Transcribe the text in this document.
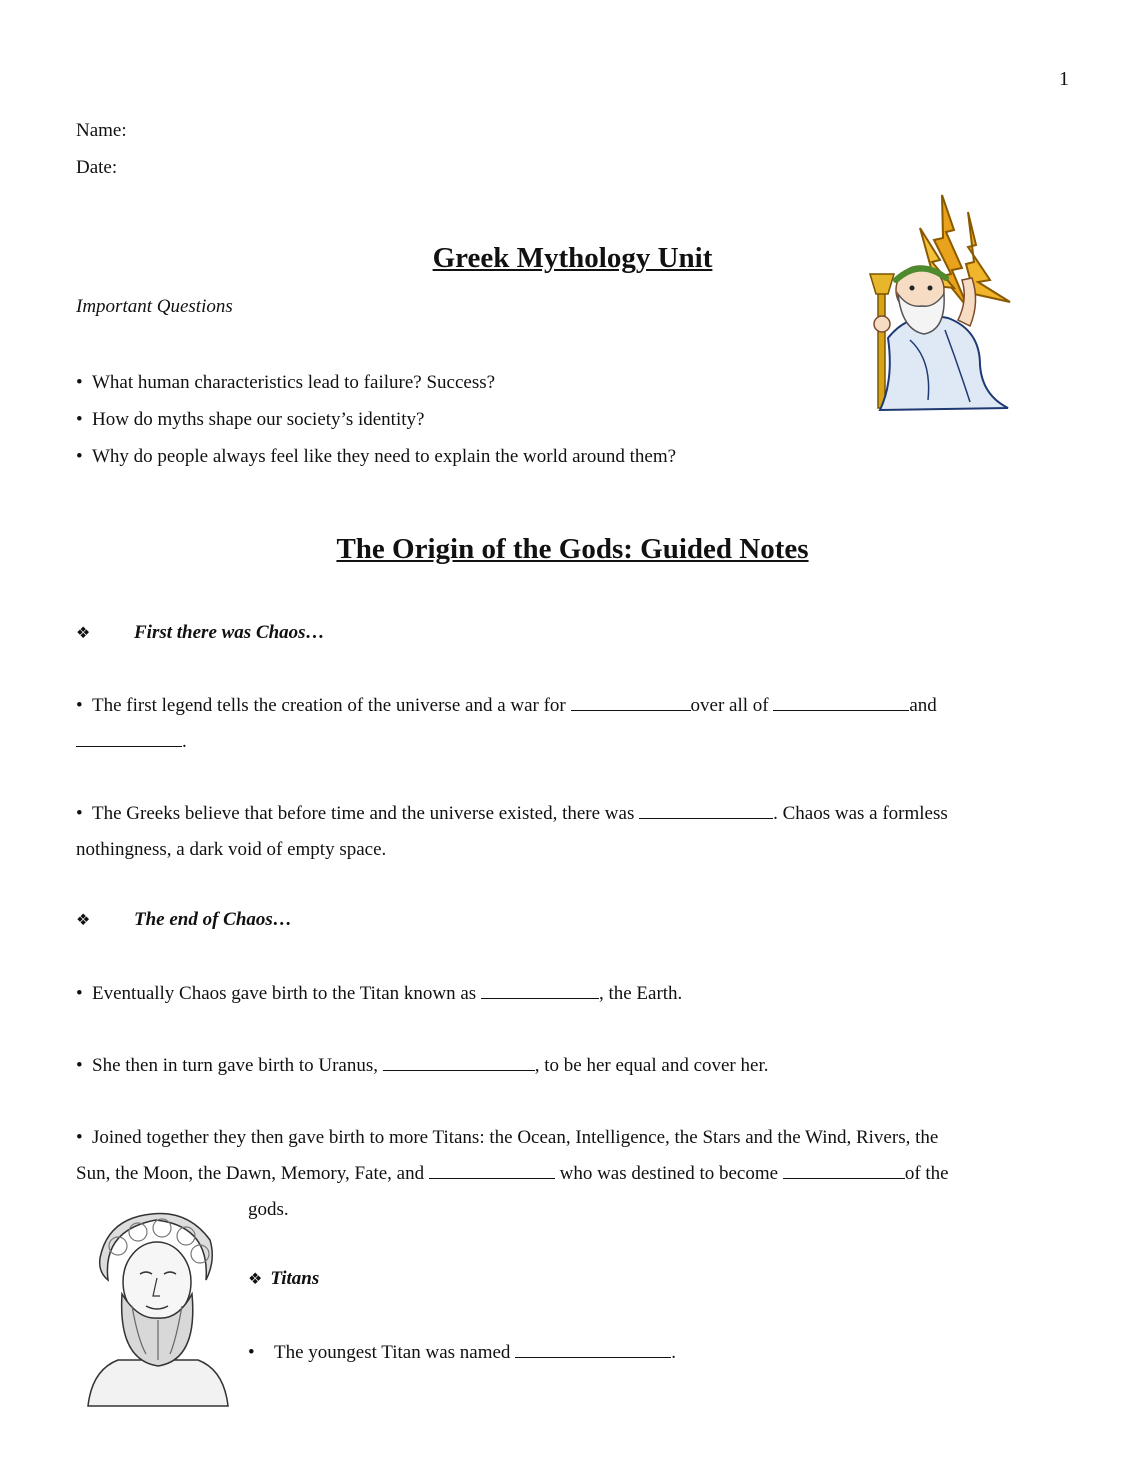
1
Name:
Date:
Greek Mythology Unit
Important Questions
• What human characteristics lead to failure? Success?
• How do myths shape our society’s identity?
• Why do people always feel like they need to explain the world around them?
The Origin of the Gods: Guided Notes
❖ First there was Chaos…
• The first legend tells the creation of the universe and a war for	over all of	and
.
• The Greeks believe that before time and the universe existed, there was	. Chaos was a formless
nothingness, a dark void of empty space.
❖ The end of Chaos…
• Eventually Chaos gave birth to the Titan known as	, the Earth.
• She then in turn gave birth to Uranus,	, to be her equal and cover her.
• Joined together they then gave birth to more Titans: the Ocean, Intelligence, the Stars and the Wind, Rivers, the
Sun, the Moon, the Dawn, Memory, Fate, and	who was destined to become	of the
gods.
❖ Titans
• The youngest Titan was named	.
